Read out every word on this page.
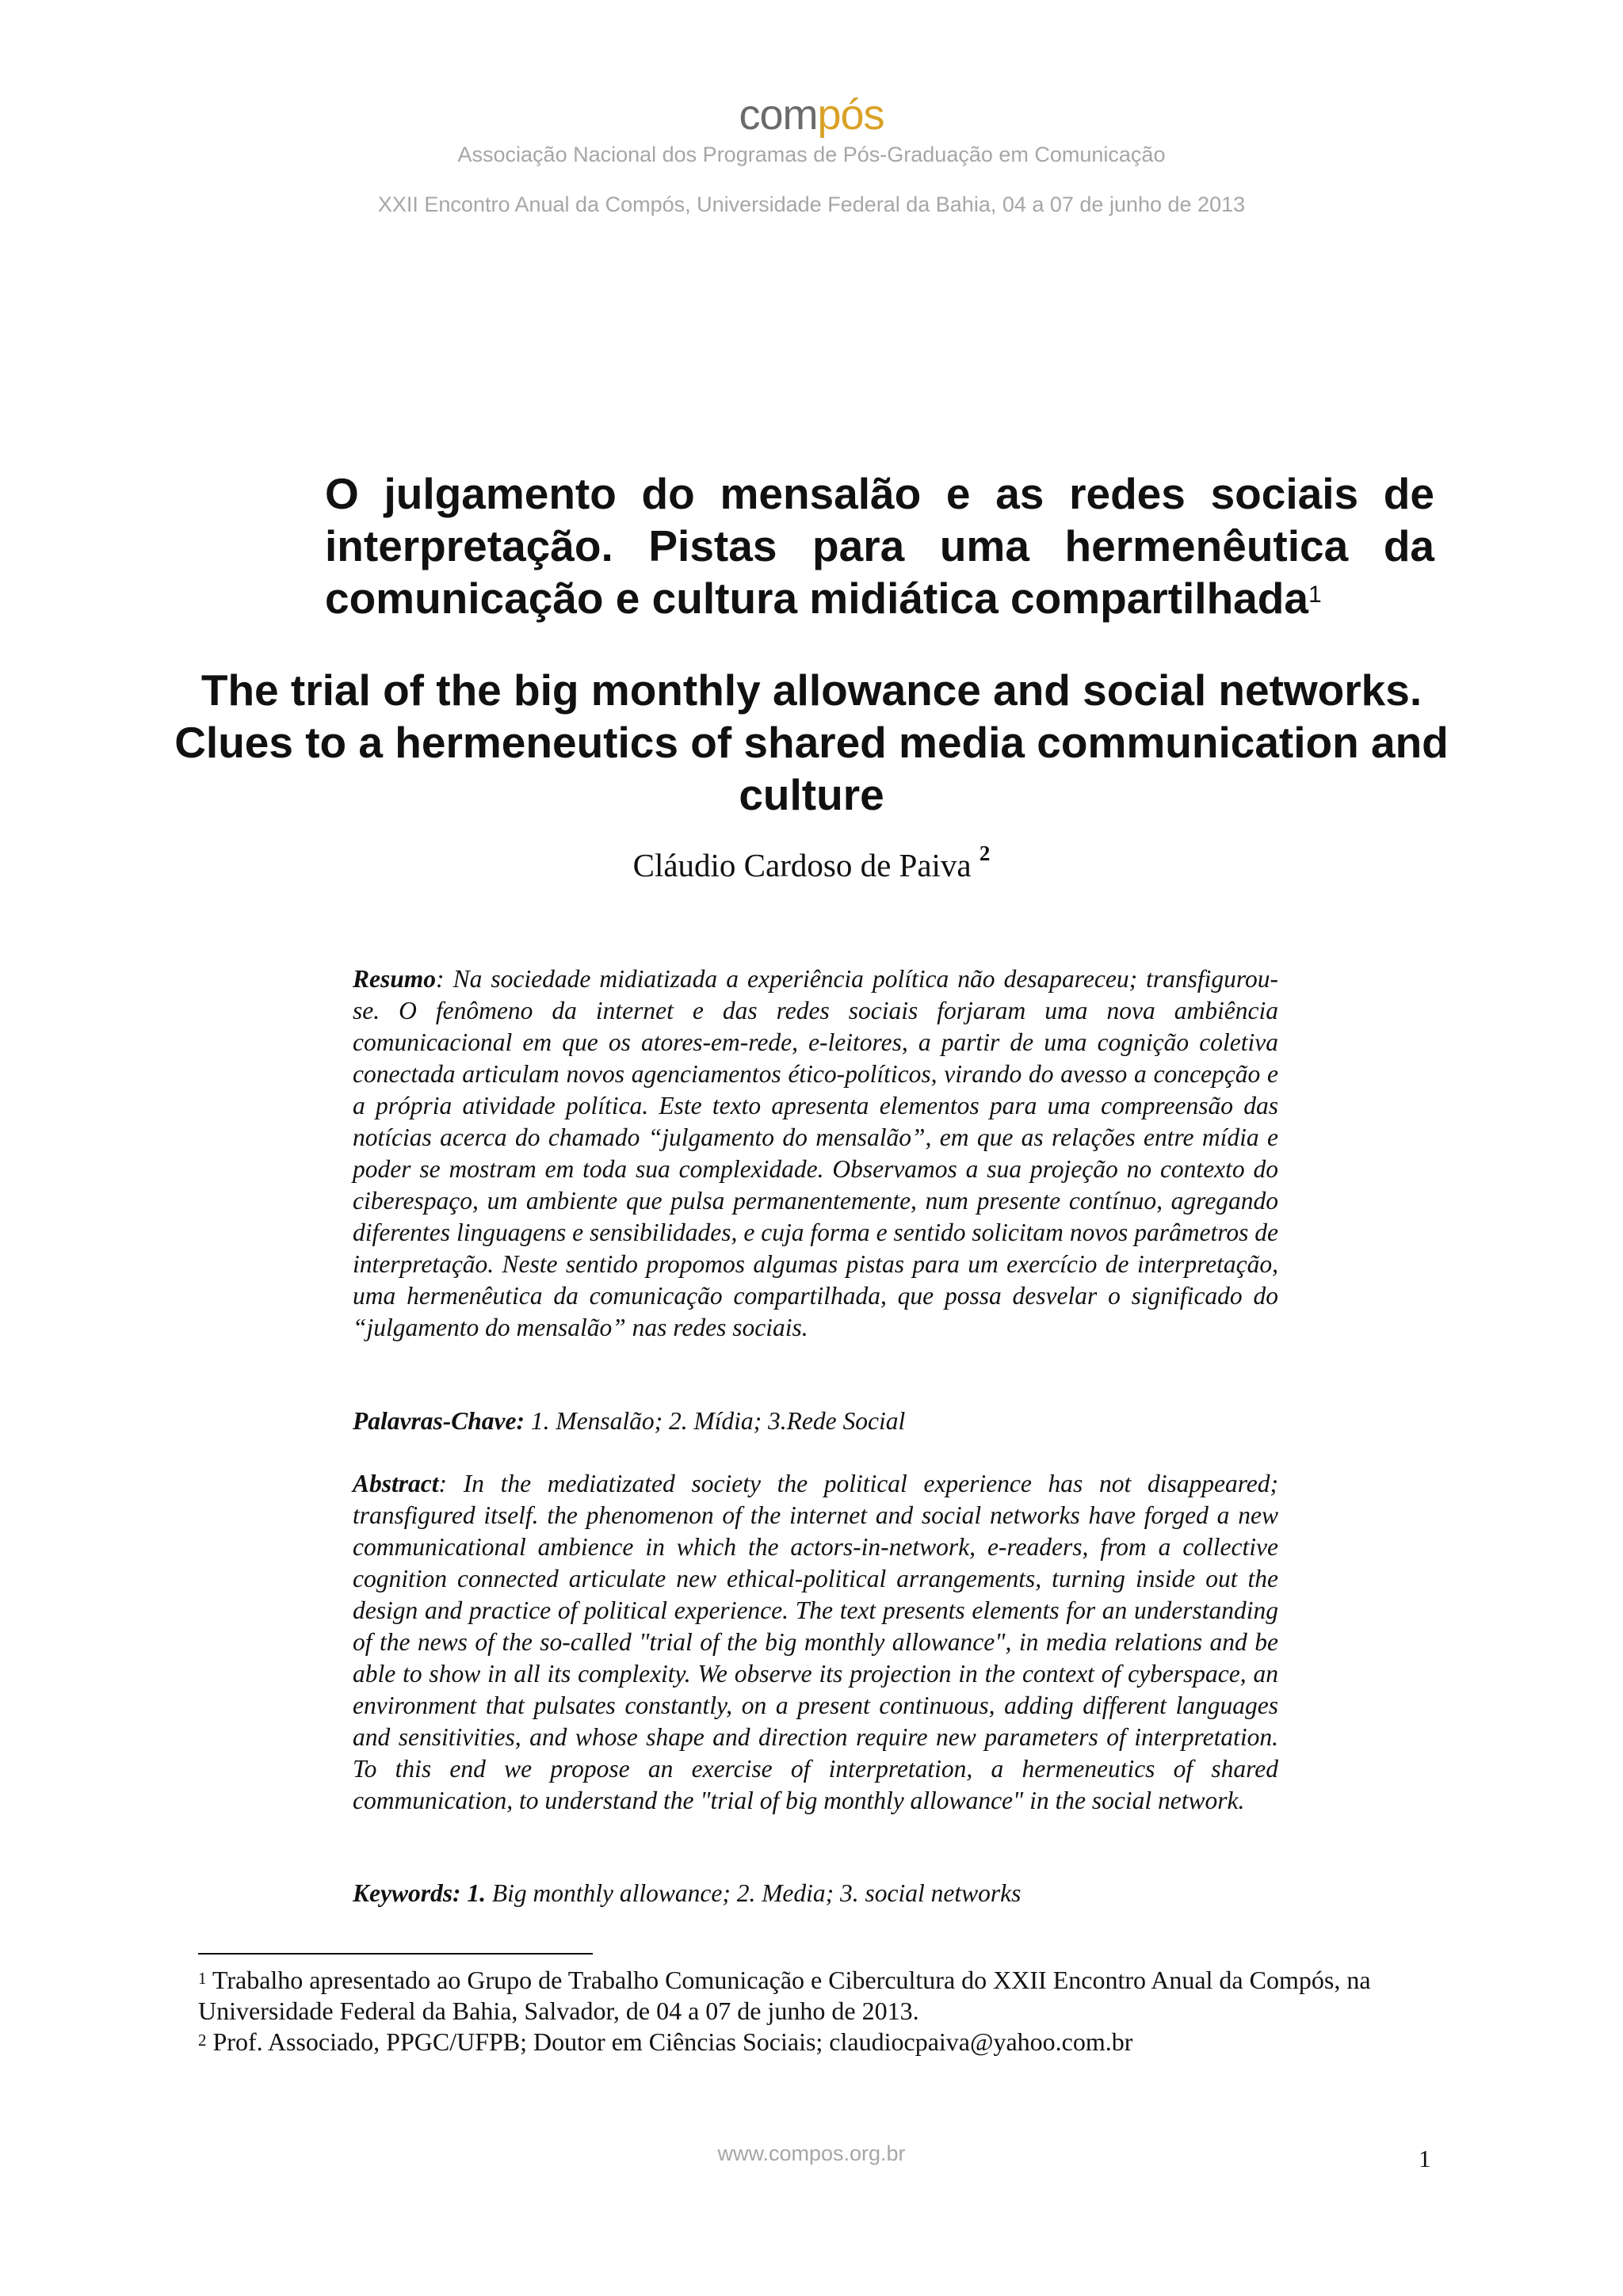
compós
Associação Nacional dos Programas de Pós-Graduação em Comunicação
XXII Encontro Anual da Compós, Universidade Federal da Bahia, 04 a 07 de junho de 2013
O julgamento do mensalão e as redes sociais de interpretação. Pistas para uma hermenêutica da comunicação e cultura midiática compartilhada$^1$
The trial of the big monthly allowance and social networks. Clues to a hermeneutics of shared media communication and culture
Cláudio Cardoso de Paiva $^2$
Resumo: Na sociedade midiatizada a experiência política não desapareceu; transfigurou-se. O fenômeno da internet e das redes sociais forjaram uma nova ambiência comunicacional em que os atores-em-rede, e-leitores, a partir de uma cognição coletiva conectada articulam novos agenciamentos ético-políticos, virando do avesso a concepção e a própria atividade política. Este texto apresenta elementos para uma compreensão das notícias acerca do chamado “julgamento do mensalão”, em que as relações entre mídia e poder se mostram em toda sua complexidade. Observamos a sua projeção no contexto do ciberespaço, um ambiente que pulsa permanentemente, num presente contínuo, agregando diferentes linguagens e sensibilidades, e cuja forma e sentido solicitam novos parâmetros de interpretação. Neste sentido propomos algumas pistas para um exercício de interpretação, uma hermenêutica da comunicação compartilhada, que possa desvelar o significado do “julgamento do mensalão” nas redes sociais.
Palavras-Chave: 1. Mensalão; 2. Mídia; 3.Rede Social
Abstract: In the mediatizated society the political experience has not disappeared; transfigured itself. the phenomenon of the internet and social networks have forged a new communicational ambience in which the actors-in-network, e-readers, from a collective cognition connected articulate new ethical-political arrangements, turning inside out the design and practice of political experience. The text presents elements for an understanding of the news of the so-called "trial of the big monthly allowance", in media relations and be able to show in all its complexity. We observe its projection in the context of cyberspace, an environment that pulsates constantly, on a present continuous, adding different languages and sensitivities, and whose shape and direction require new parameters of interpretation. To this end we propose an exercise of interpretation, a hermeneutics of shared communication, to understand the "trial of big monthly allowance" in the social network.
Keywords: 1. Big monthly allowance; 2. Media; 3. social networks

$^1$ Trabalho apresentado ao Grupo de Trabalho Comunicação e Cibercultura do XXII Encontro Anual da Compós, na Universidade Federal da Bahia, Salvador, de 04 a 07 de junho de 2013.

$^2$ Prof. Associado, PPGC/UFPB; Doutor em Ciências Sociais; claudiocpaiva@yahoo.com.br

www.compos.org.br	1
